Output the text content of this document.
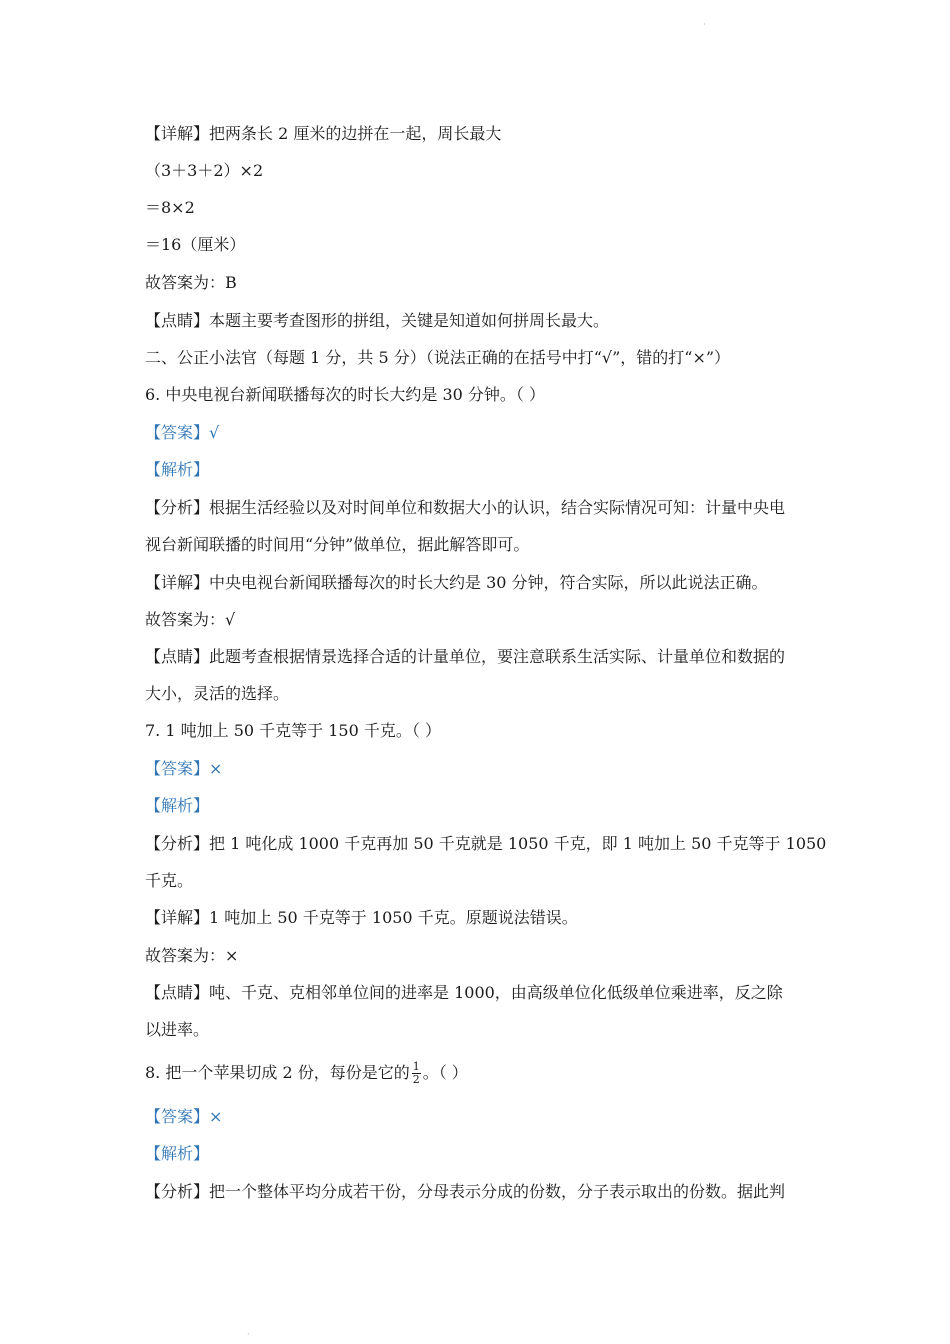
·
【详解】把两条长 2 厘米的边拼在一起，周长最大
（3＋3＋2）×2
＝8×2
＝16（厘米）
故答案为：B
【点睛】本题主要考查图形的拼组，关键是知道如何拼周长最大。
二、公正小法官（每题 1 分，共 5 分）（说法正确的在括号中打“√”，错的打“×”）
6. 中央电视台新闻联播每次的时长大约是 30 分钟。（ ）
【答案】√
【解析】
【分析】根据生活经验以及对时间单位和数据大小的认识，结合实际情况可知：计量中央电
视台新闻联播的时间用“分钟”做单位，据此解答即可。
【详解】中央电视台新闻联播每次的时长大约是 30 分钟，符合实际，所以此说法正确。
故答案为：√
【点睛】此题考查根据情景选择合适的计量单位，要注意联系生活实际、计量单位和数据的
大小，灵活的选择。
7. 1 吨加上 50 千克等于 150 千克。（ ）
【答案】×
【解析】
【分析】把 1 吨化成 1000 千克再加 50 千克就是 1050 千克，即 1 吨加上 50 千克等于 1050
千克。
【详解】1 吨加上 50 千克等于 1050 千克。原题说法错误。
故答案为：×
【点睛】吨、千克、克相邻单位间的进率是 1000，由高级单位化低级单位乘进率，反之除
以进率。
8. 把一个苹果切成 2 份，每份是它的 $\frac{1}{2}$ 。（ ）
【答案】×
【解析】
【分析】把一个整体平均分成若干份，分母表示分成的份数，分子表示取出的份数。据此判
·
